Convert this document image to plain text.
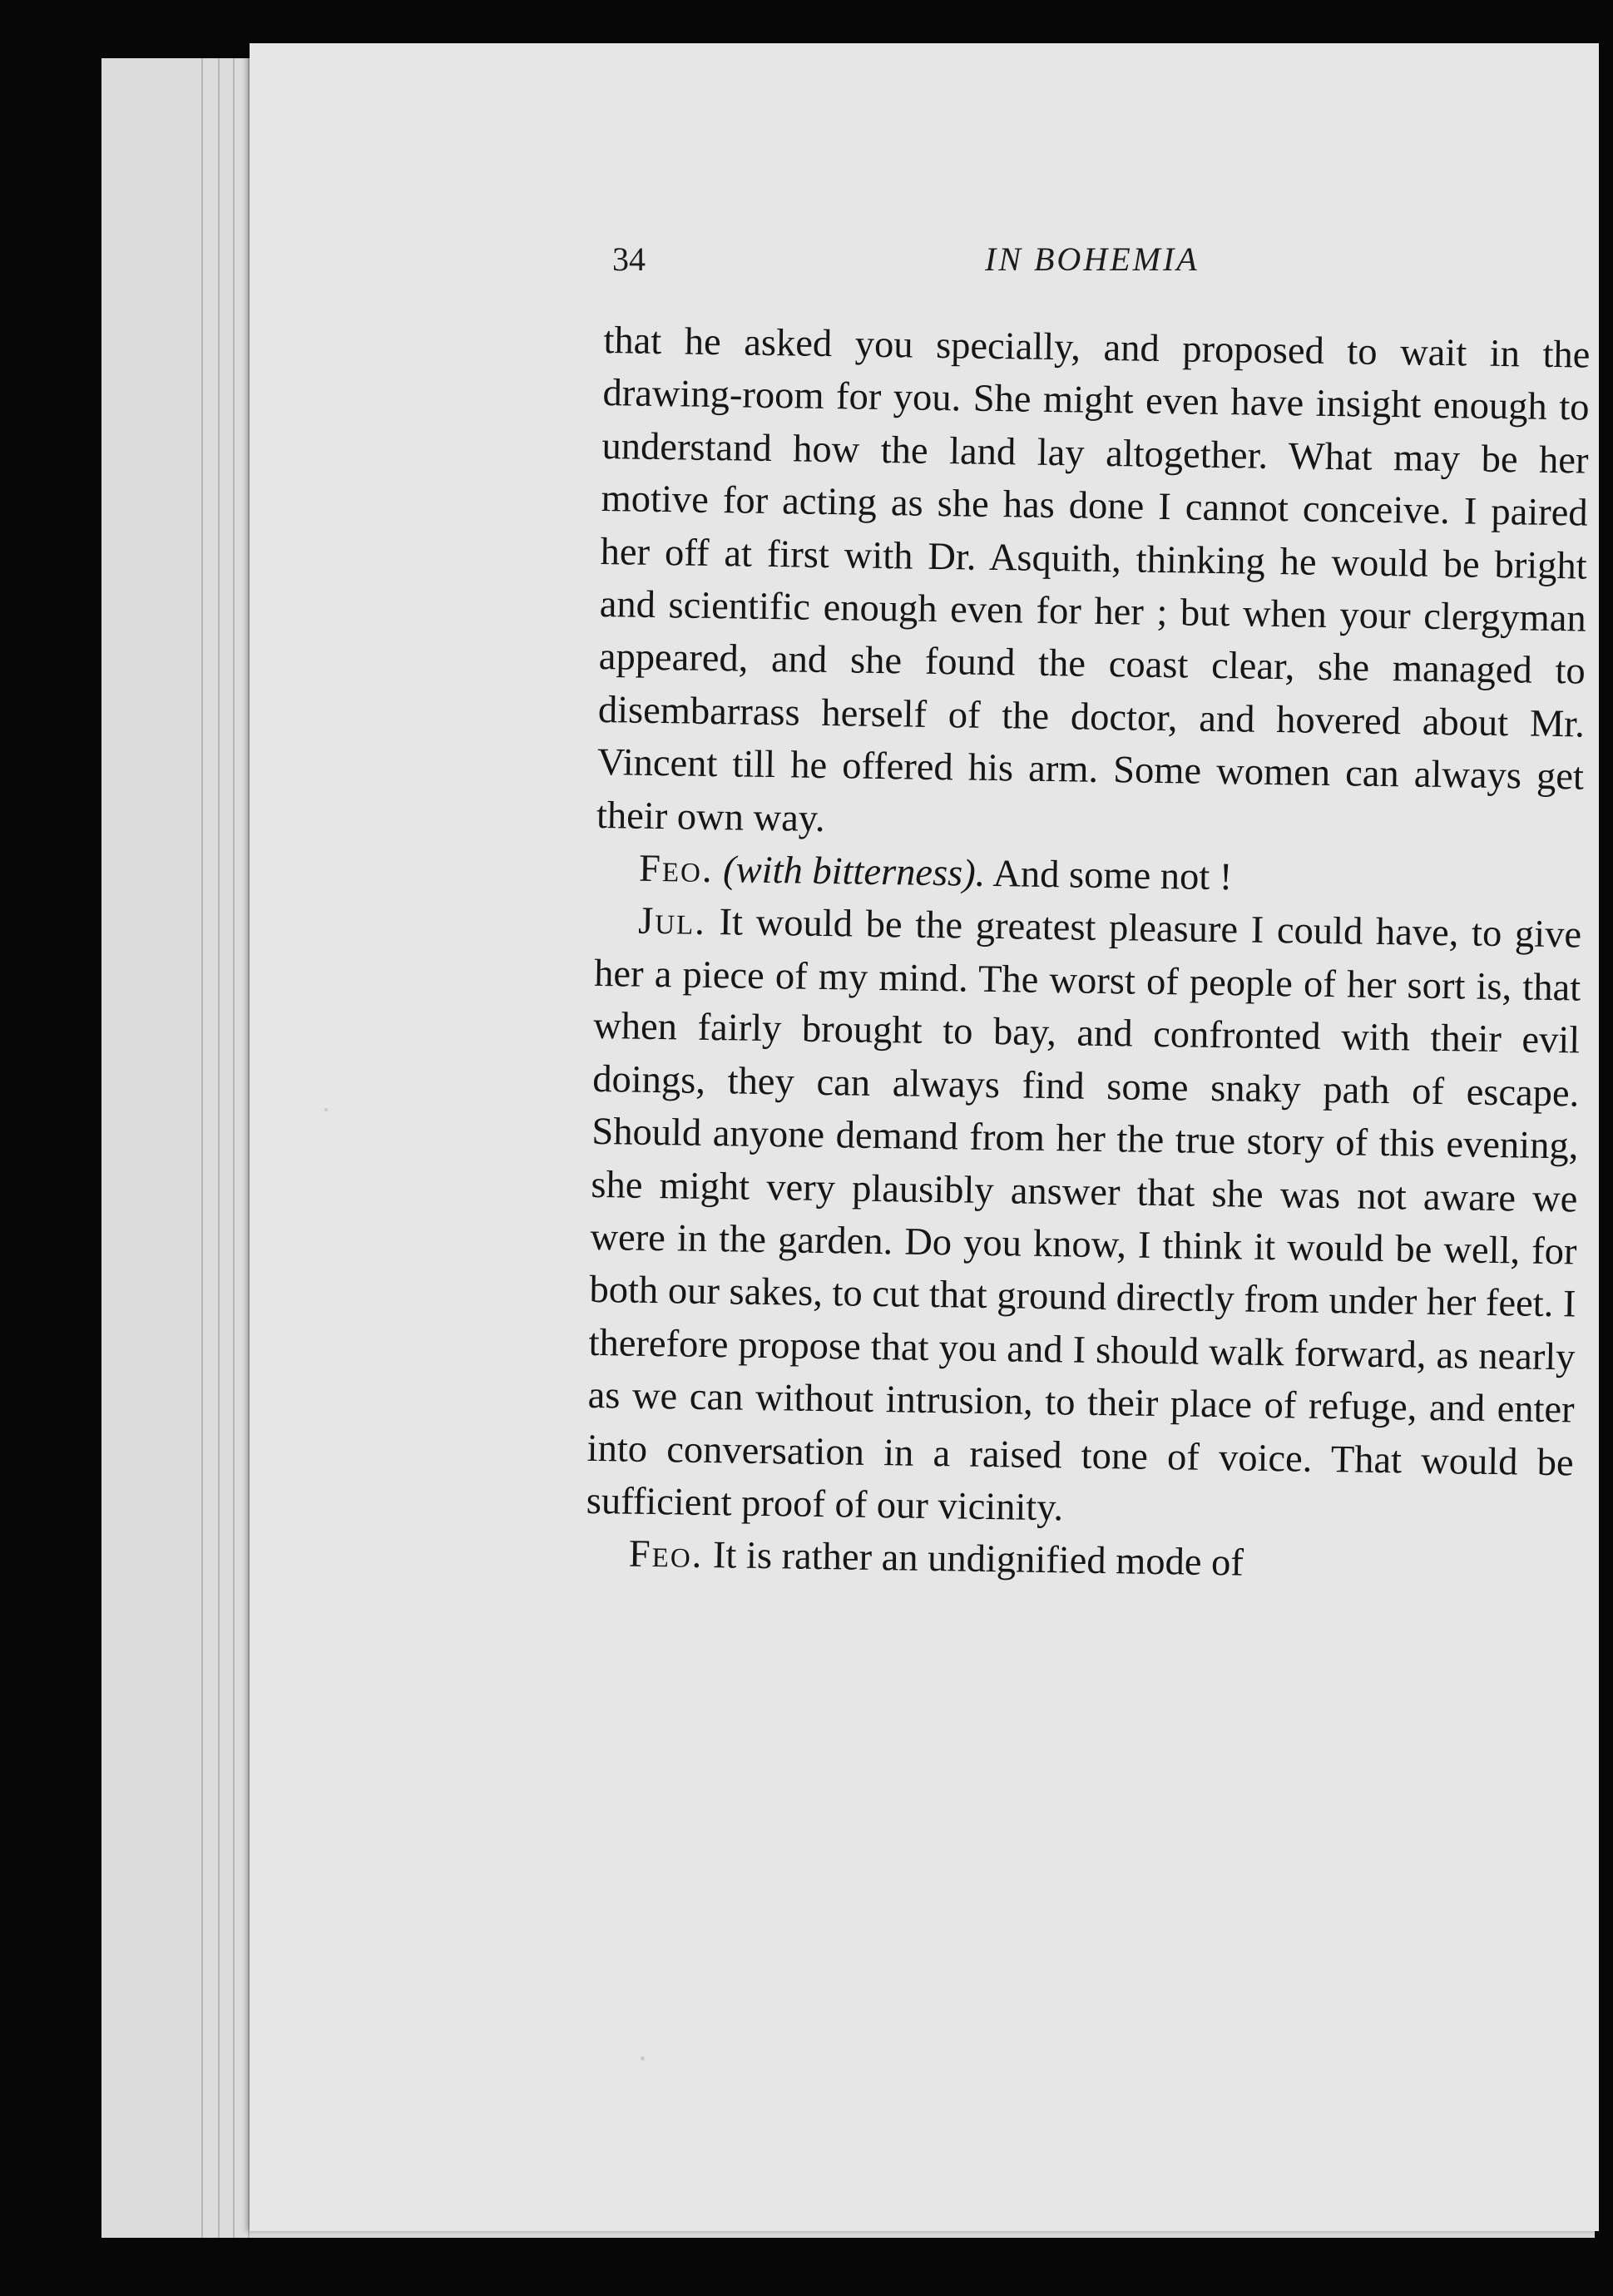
34	IN BOHEMIA

that he asked you specially, and proposed to wait in the drawing-room for you. She might even have insight enough to understand how the land lay altogether. What may be her motive for acting as she has done I cannot conceive. I paired her off at first with Dr. Asquith, thinking he would be bright and scientific enough even for her ; but when your clergyman appeared, and she found the coast clear, she managed to disembarrass herself of the doctor, and hovered about Mr. Vincent till he offered his arm. Some women can always get their own way.

Feo. (with bitterness). And some not !

Jul. It would be the greatest pleasure I could have, to give her a piece of my mind. The worst of people of her sort is, that when fairly brought to bay, and confronted with their evil doings, they can always find some snaky path of escape. Should anyone demand from her the true story of this evening, she might very plausibly answer that she was not aware we were in the garden. Do you know, I think it would be well, for both our sakes, to cut that ground directly from under her feet. I therefore propose that you and I should walk forward, as nearly as we can without intrusion, to their place of refuge, and enter into conversation in a raised tone of voice. That would be sufficient proof of our vicinity.

Feo. It is rather an undignified mode of
